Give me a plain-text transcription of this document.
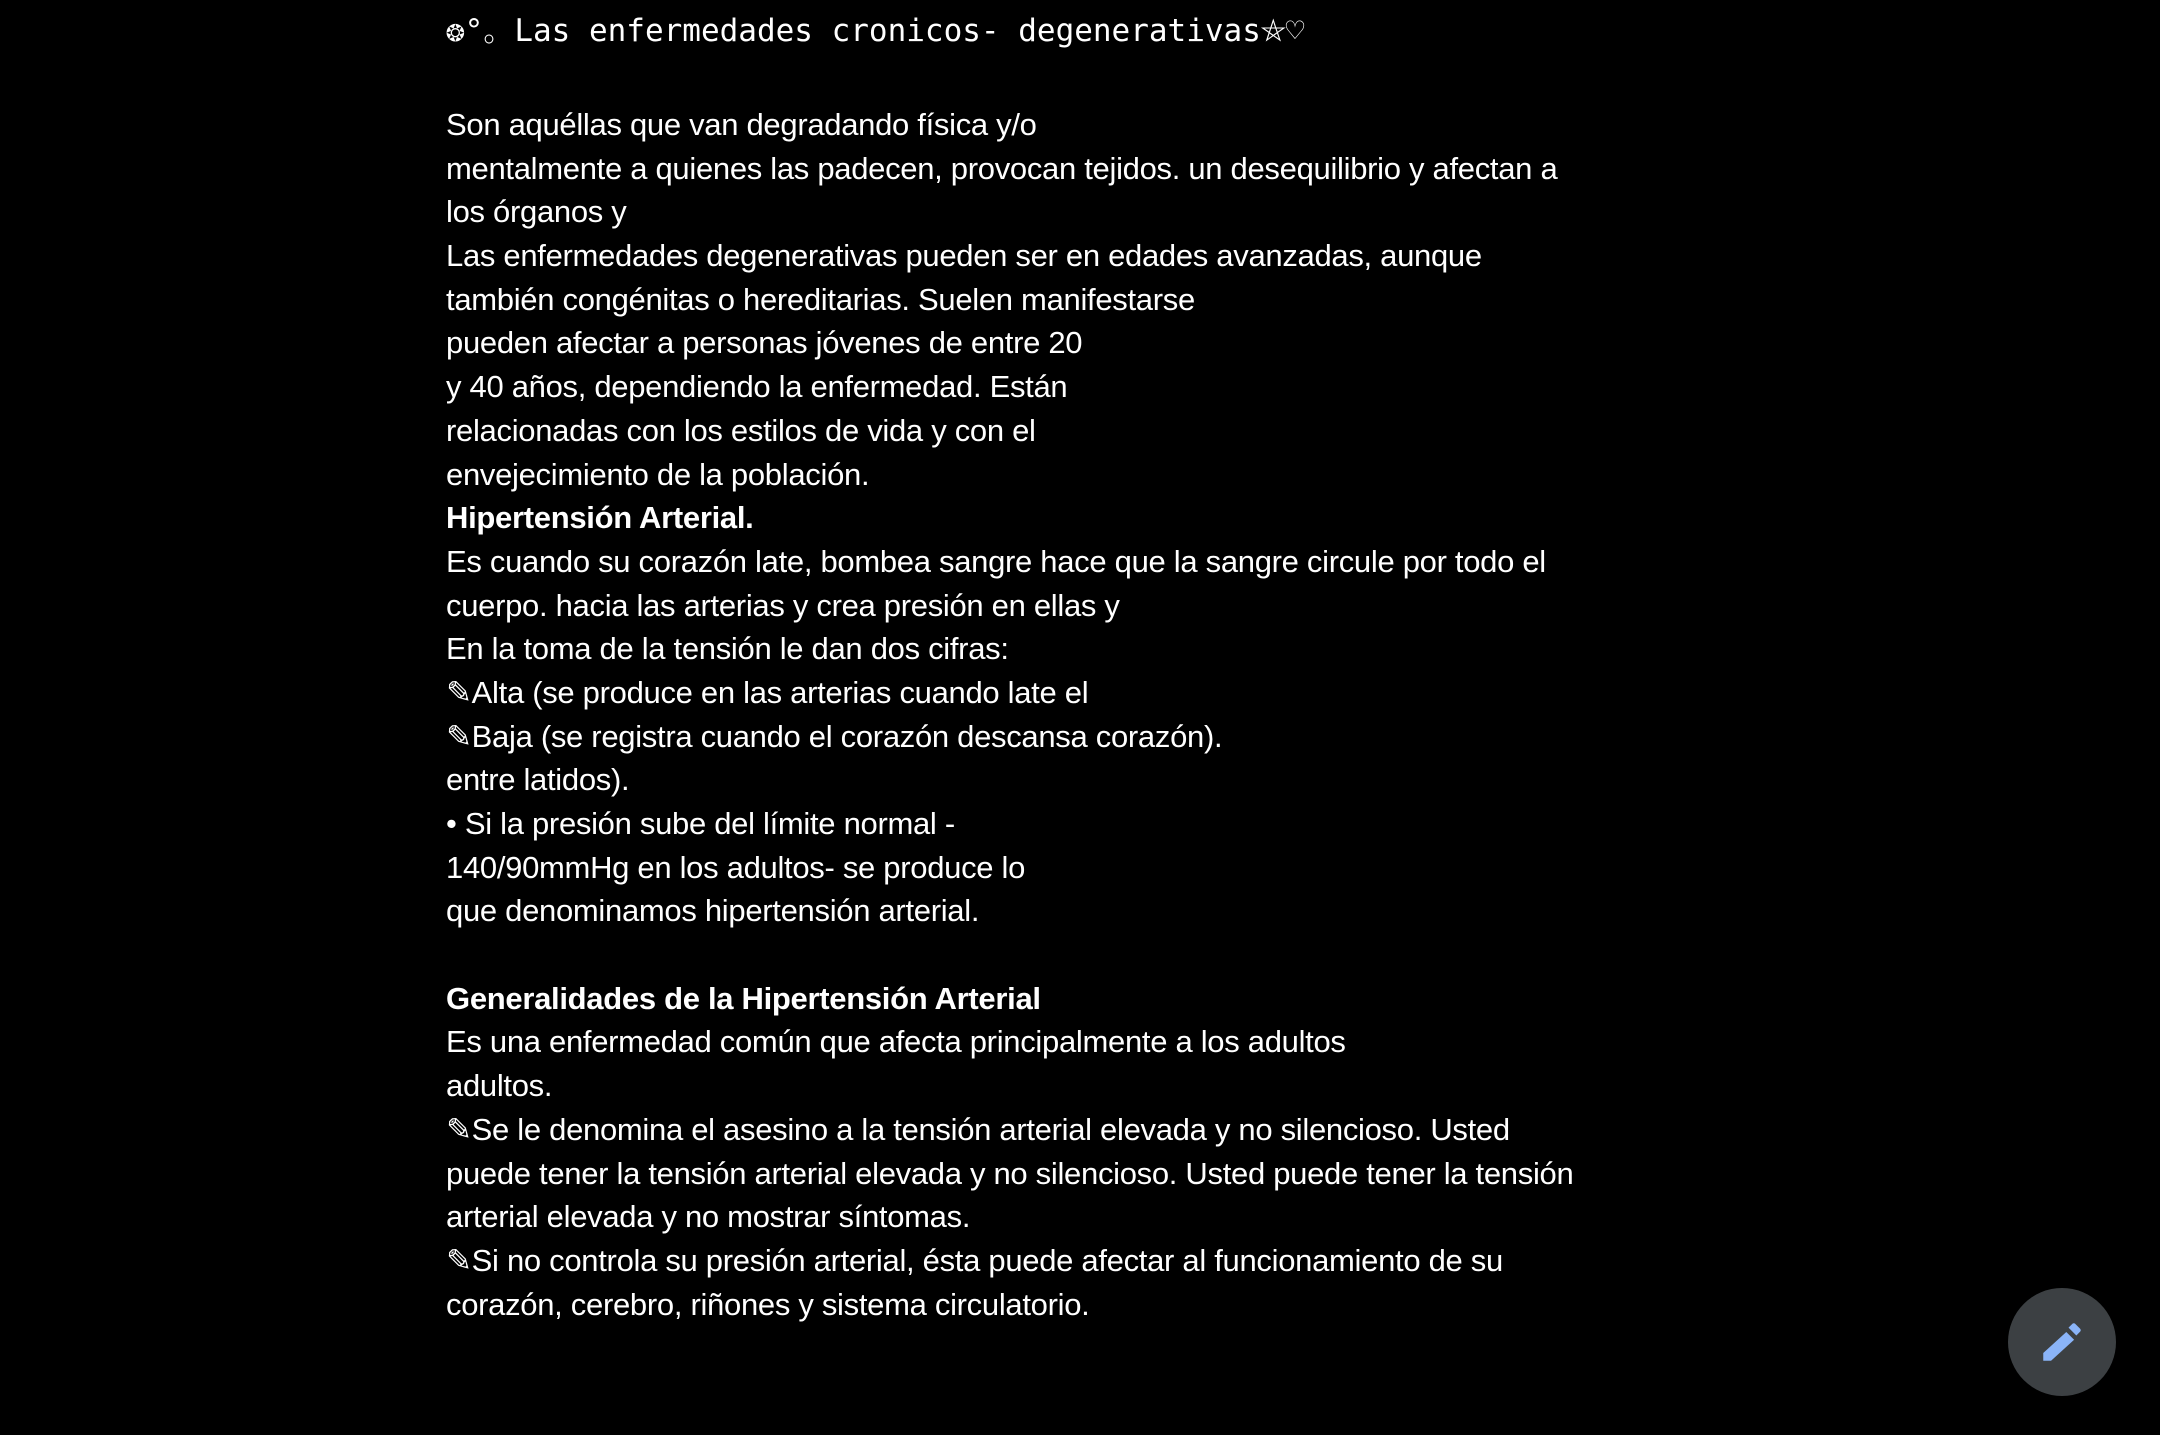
❂°。Las enfermedades cronicos- degenerativas⛤♡
Son aquéllas que van degradando física y/o
mentalmente a quienes las padecen, provocan tejidos. un desequilibrio y afectan a
los órganos y
Las enfermedades degenerativas pueden ser en edades avanzadas, aunque
también congénitas o hereditarias. Suelen manifestarse
pueden afectar a personas jóvenes de entre 20
y 40 años, dependiendo la enfermedad. Están
relacionadas con los estilos de vida y con el
envejecimiento de la población.
Hipertensión Arterial.
Es cuando su corazón late, bombea sangre hace que la sangre circule por todo el
cuerpo. hacia las arterias y crea presión en ellas y
En la toma de la tensión le dan dos cifras:
✎Alta (se produce en las arterias cuando late el
✎Baja (se registra cuando el corazón descansa corazón).
entre latidos).
• Si la presión sube del límite normal -
140/90mmHg en los adultos- se produce lo
que denominamos hipertensión arterial.

Generalidades de la Hipertensión Arterial
Es una enfermedad común que afecta principalmente a los adultos
adultos.
✎Se le denomina el asesino a la tensión arterial elevada y no silencioso. Usted
puede tener la tensión arterial elevada y no silencioso. Usted puede tener la tensión
arterial elevada y no mostrar síntomas.
✎Si no controla su presión arterial, ésta puede afectar al funcionamiento de su
corazón, cerebro, riñones y sistema circulatorio.
